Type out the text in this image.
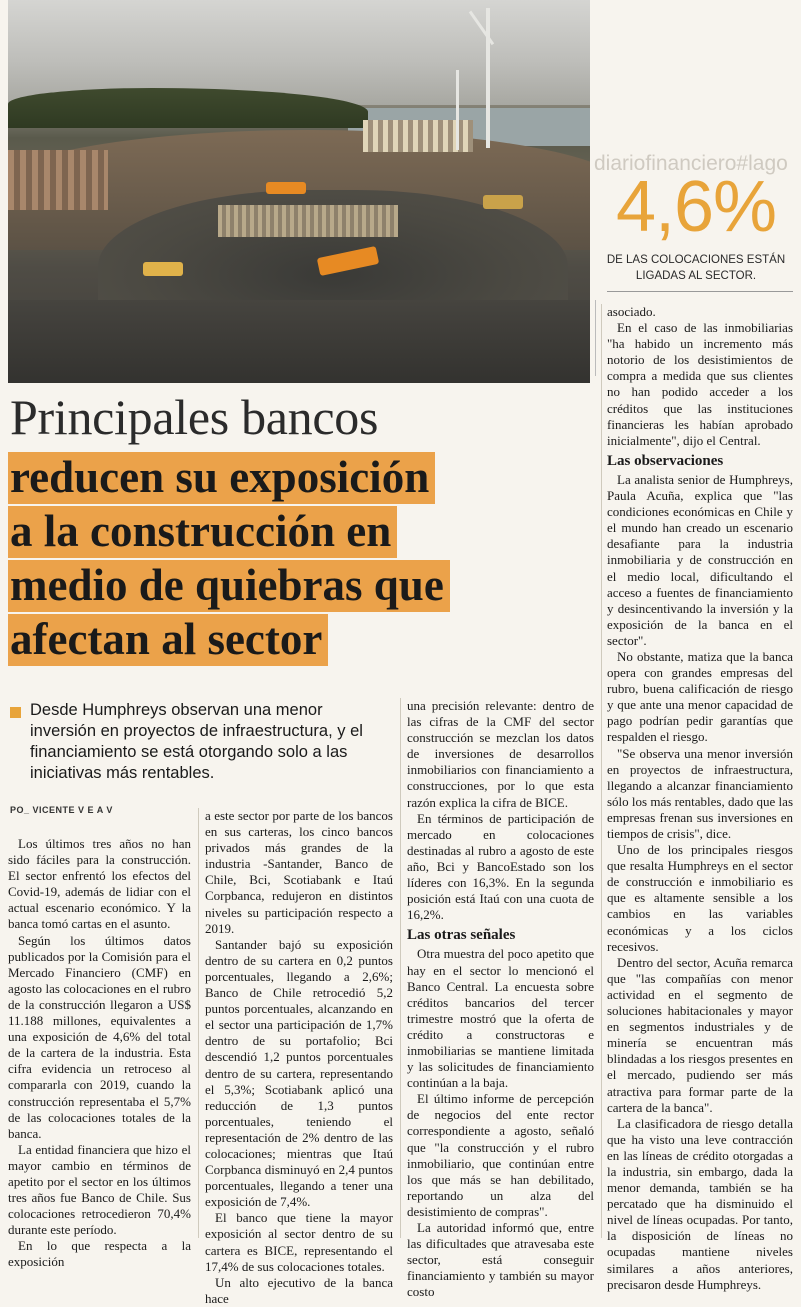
diariofinanciero#lago
4,6%
DE LAS COLOCACIONES ESTÁN
LIGADAS AL SECTOR.
Principales bancos
reducen su exposición
a la construcción en
medio de quiebras que
afectan al sector
Desde Humphreys observan una menor inversión en proyectos de infraestructura, y el financiamiento se está otorgando solo a las iniciativas más rentables.
PO_ VICENTE V E A V

Los últimos tres años no han sido fáciles para la construcción. El sector enfrentó los efectos del Covid-19, además de lidiar con el actual escenario económico. Y la banca tomó cartas en el asunto.

Según los últimos datos publicados por la Comisión para el Mercado Financiero (CMF) en agosto las colocaciones en el rubro de la construcción llegaron a US$ 11.188 millones, equivalentes a una exposición de 4,6% del total de la cartera de la industria. Esta cifra evidencia un retroceso al compararla con 2019, cuando la construcción representaba el 5,7% de las colocaciones totales de la banca.

La entidad financiera que hizo el mayor cambio en términos de apetito por el sector en los últimos tres años fue Banco de Chile. Sus colocaciones retrocedieron 70,4% durante este período.

En lo que respecta a la exposición

a este sector por parte de los bancos en sus carteras, los cinco bancos privados más grandes de la industria -Santander, Banco de Chile, Bci, Scotiabank e Itaú Corpbanca, redujeron en distintos niveles su participación respecto a 2019.

Santander bajó su exposición dentro de su cartera en 0,2 puntos porcentuales, llegando a 2,6%; Banco de Chile retrocedió 5,2 puntos porcentuales, alcanzando en el sector una participación de 1,7% dentro de su portafolio; Bci descendió 1,2 puntos porcentuales dentro de su cartera, representando el 5,3%; Scotiabank aplicó una reducción de 1,3 puntos porcentuales, teniendo el representación de 2% dentro de las colocaciones; mientras que Itaú Corpbanca disminuyó en 2,4 puntos porcentuales, llegando a tener una exposición de 7,4%.

El banco que tiene la mayor exposición al sector dentro de su cartera es BICE, representando el 17,4% de sus colocaciones totales.

Un alto ejecutivo de la banca hace

una precisión relevante: dentro de las cifras de la CMF del sector construcción se mezclan los datos de inversiones de desarrollos inmobiliarios con financiamiento a construcciones, por lo que esta razón explica la cifra de BICE.

En términos de participación de mercado en colocaciones destinadas al rubro a agosto de este año, Bci y BancoEstado son los líderes con 16,3%. En la segunda posición está Itaú con una cuota de 16,2%.

Las otras señales

Otra muestra del poco apetito que hay en el sector lo mencionó el Banco Central. La encuesta sobre créditos bancarios del tercer trimestre mostró que la oferta de crédito a constructoras e inmobiliarias se mantiene limitada y las solicitudes de financiamiento continúan a la baja.

El último informe de percepción de negocios del ente rector correspondiente a agosto, señaló que "la construcción y el rubro inmobiliario, que continúan entre los que más se han debilitado, reportando un alza del desistimiento de compras".

La autoridad informó que, entre las dificultades que atravesaba este sector, está conseguir financiamiento y también su mayor costo

asociado.

En el caso de las inmobiliarias "ha habido un incremento más notorio de los desistimientos de compra a medida que sus clientes no han podido acceder a los créditos que las instituciones financieras les habían aprobado inicialmente", dijo el Central.

Las observaciones

La analista senior de Humphreys, Paula Acuña, explica que "las condiciones económicas en Chile y el mundo han creado un escenario desafiante para la industria inmobiliaria y de construcción en el medio local, dificultando el acceso a fuentes de financiamiento y desincentivando la inversión y la exposición de la banca en el sector".

No obstante, matiza que la banca opera con grandes empresas del rubro, buena calificación de riesgo y que ante una menor capacidad de pago podrían pedir garantías que respalden el riesgo.

"Se observa una menor inversión en proyectos de infraestructura, llegando a alcanzar financiamiento sólo los más rentables, dado que las empresas frenan sus inversiones en tiempos de crisis", dice.

Uno de los principales riesgos que resalta Humphreys en el sector de construcción e inmobiliario es que es altamente sensible a los cambios en las variables económicas y a los ciclos recesivos.

Dentro del sector, Acuña remarca que "las compañías con menor actividad en el segmento de soluciones habitacionales y mayor en segmentos industriales y de minería se encuentran más blindadas a los riesgos presentes en el mercado, pudiendo ser más atractiva para formar parte de la cartera de la banca".

La clasificadora de riesgo detalla que ha visto una leve contracción en las líneas de crédito otorgadas a la industria, sin embargo, dada la menor demanda, también se ha percatado que ha disminuido el nivel de líneas ocupadas. Por tanto, la disposición de líneas no ocupadas mantiene niveles similares a años anteriores, precisaron desde Humphreys.
